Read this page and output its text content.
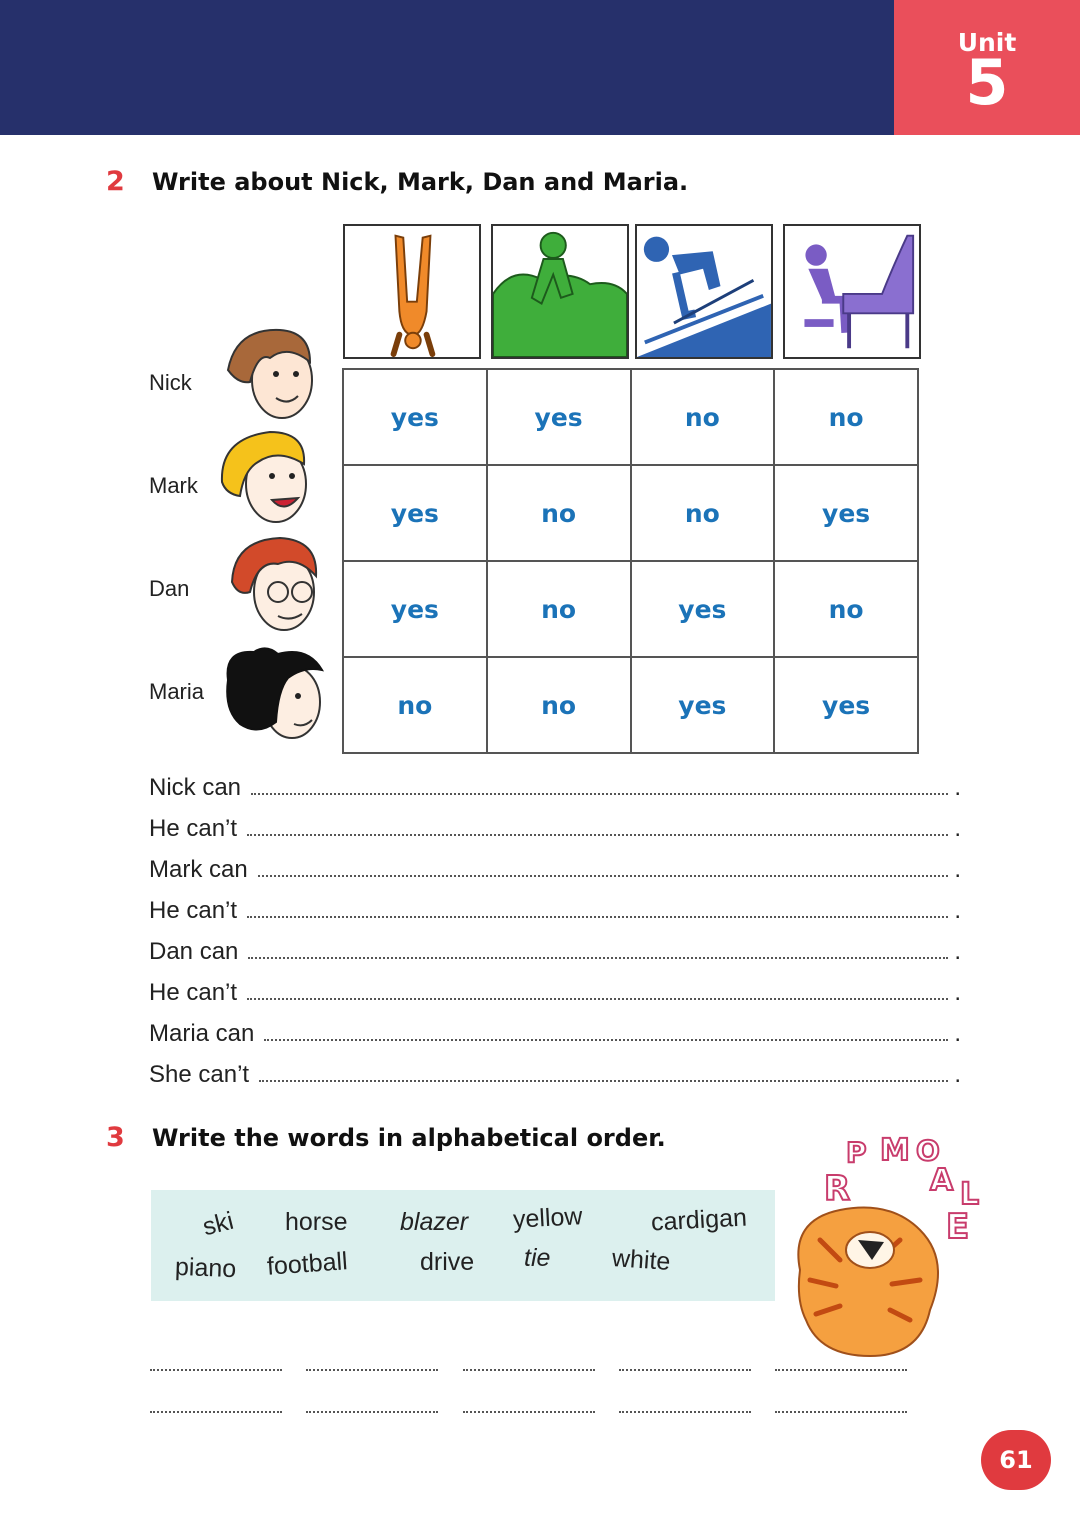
Unit
5
2 Write about Nick, Mark, Dan and Maria.
Nick
Mark
Dan
Maria
yes	yes	no	no
yes	no	no	yes
yes	no	yes	no
no	no	yes	yes
Nick can	.
He can’t	.
Mark can	.
He can’t	.
Dan can	.
He can’t	.
Maria can	.
She can’t	.
3 Write the words in alphabetical order.
ski horse blazer yellow	cardigan
piano football	drive tie white
R
P M O
A L
E
61
